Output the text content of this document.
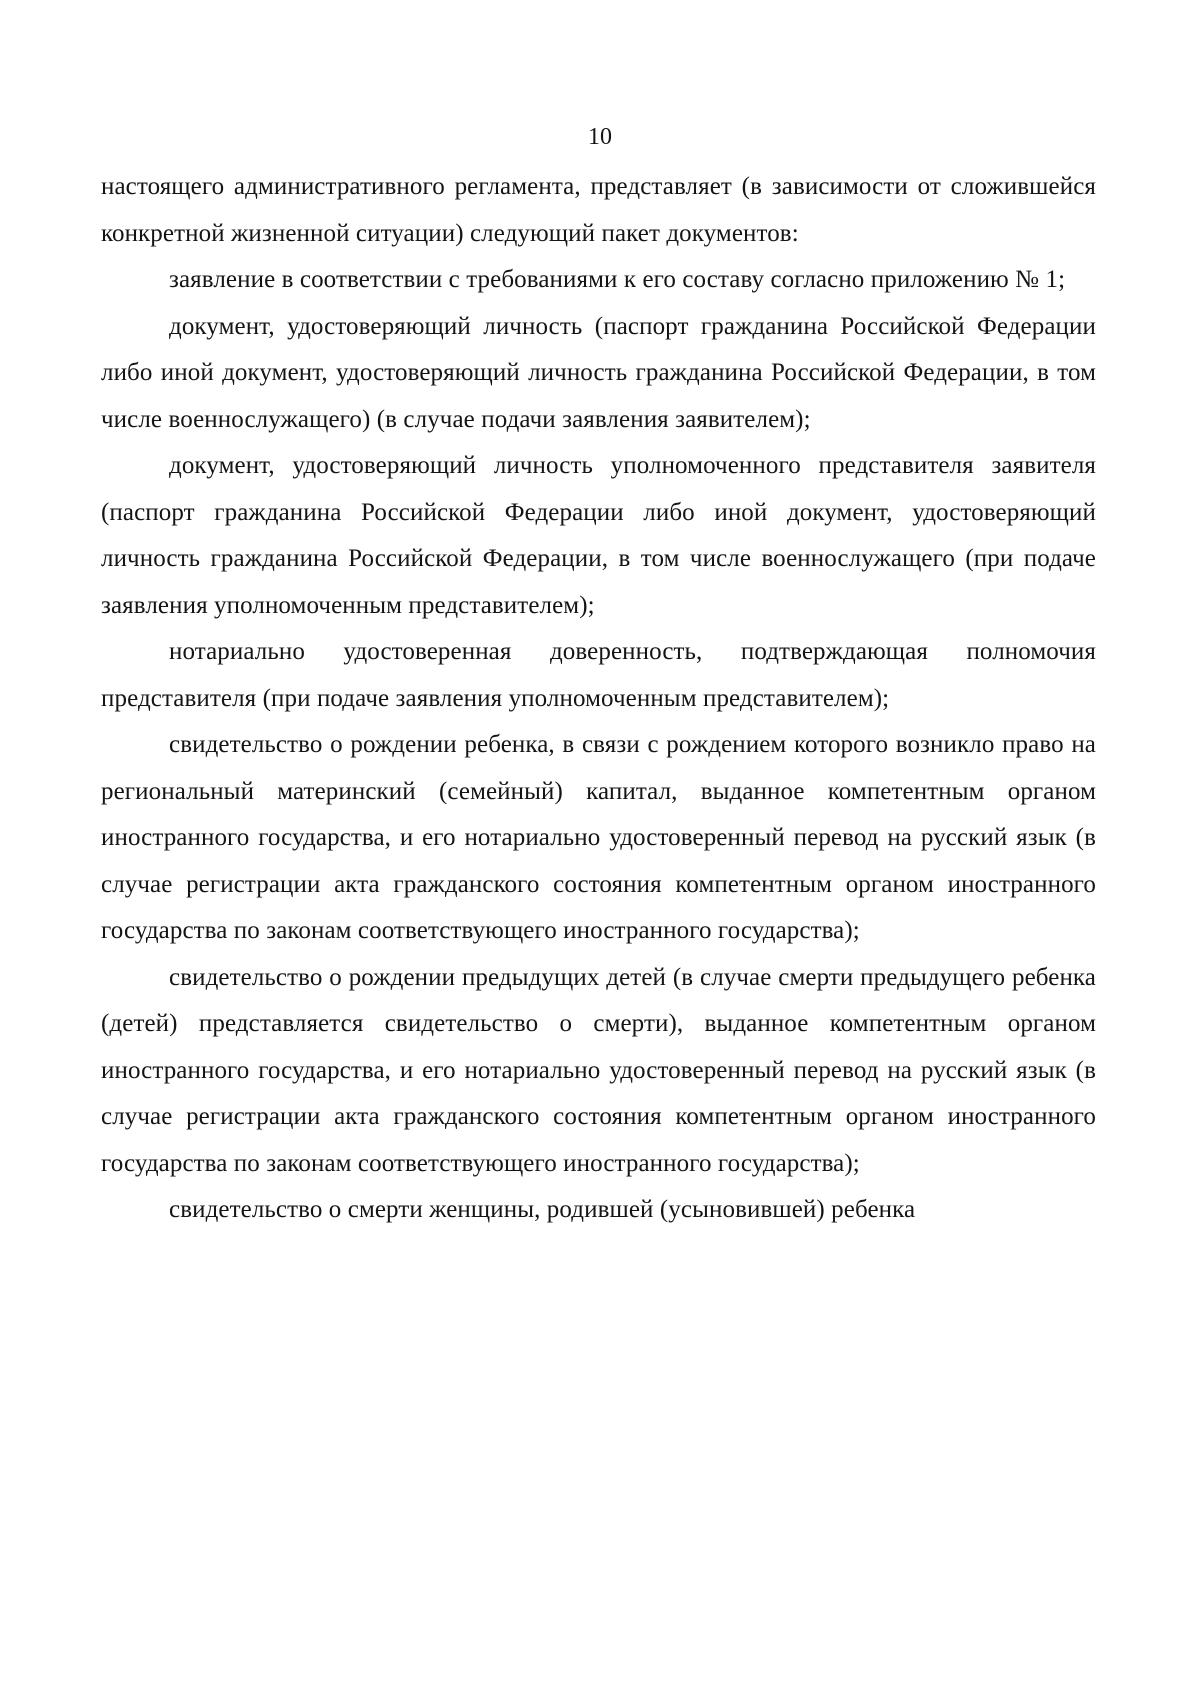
10

настоящего административного регламента, представляет (в зависимости от сложившейся конкретной жизненной ситуации) следующий пакет документов:

заявление в соответствии с требованиями к его составу согласно приложению № 1;

документ, удостоверяющий личность (паспорт гражданина Российской Федерации либо иной документ, удостоверяющий личность гражданина Российской Федерации, в том числе военнослужащего) (в случае подачи заявления заявителем);

документ, удостоверяющий личность уполномоченного представителя заявителя (паспорт гражданина Российской Федерации либо иной документ, удостоверяющий личность гражданина Российской Федерации, в том числе военнослужащего (при подаче заявления уполномоченным представителем);

нотариально удостоверенная доверенность, подтверждающая полномочия представителя (при подаче заявления уполномоченным представителем);

свидетельство о рождении ребенка, в связи с рождением которого возникло право на региональный материнский (семейный) капитал, выданное компетентным органом иностранного государства, и его нотариально удостоверенный перевод на русский язык (в случае регистрации акта гражданского состояния компетентным органом иностранного государства по законам соответствующего иностранного государства);

свидетельство о рождении предыдущих детей (в случае смерти предыдущего ребенка (детей) представляется свидетельство о смерти), выданное компетентным органом иностранного государства, и его нотариально удостоверенный перевод на русский язык (в случае регистрации акта гражданского состояния компетентным органом иностранного государства по законам соответствующего иностранного государства);

свидетельство о смерти женщины, родившей (усыновившей) ребенка
